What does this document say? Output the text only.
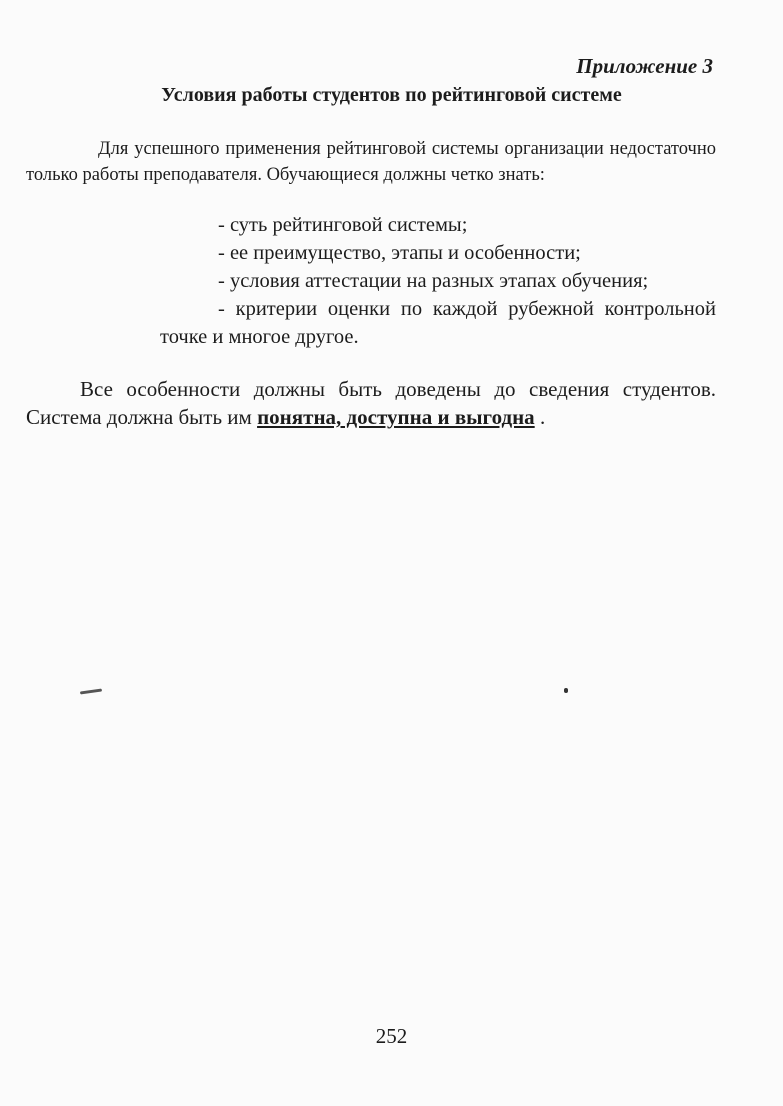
Приложение 3
Условия работы студентов по рейтинговой системе

Для успешного применения рейтинговой системы организации недостаточно только работы преподавателя. Обучающиеся должны четко знать:

- суть рейтинговой системы;
- ее преимущество, этапы и особенности;
- условия аттестации на разных этапах обучения;
- критерии оценки по каждой рубежной контрольной точке и многое другое.

Все особенности должны быть доведены до сведения студентов. Система должна быть им понятна, доступна и выгодна .

252
